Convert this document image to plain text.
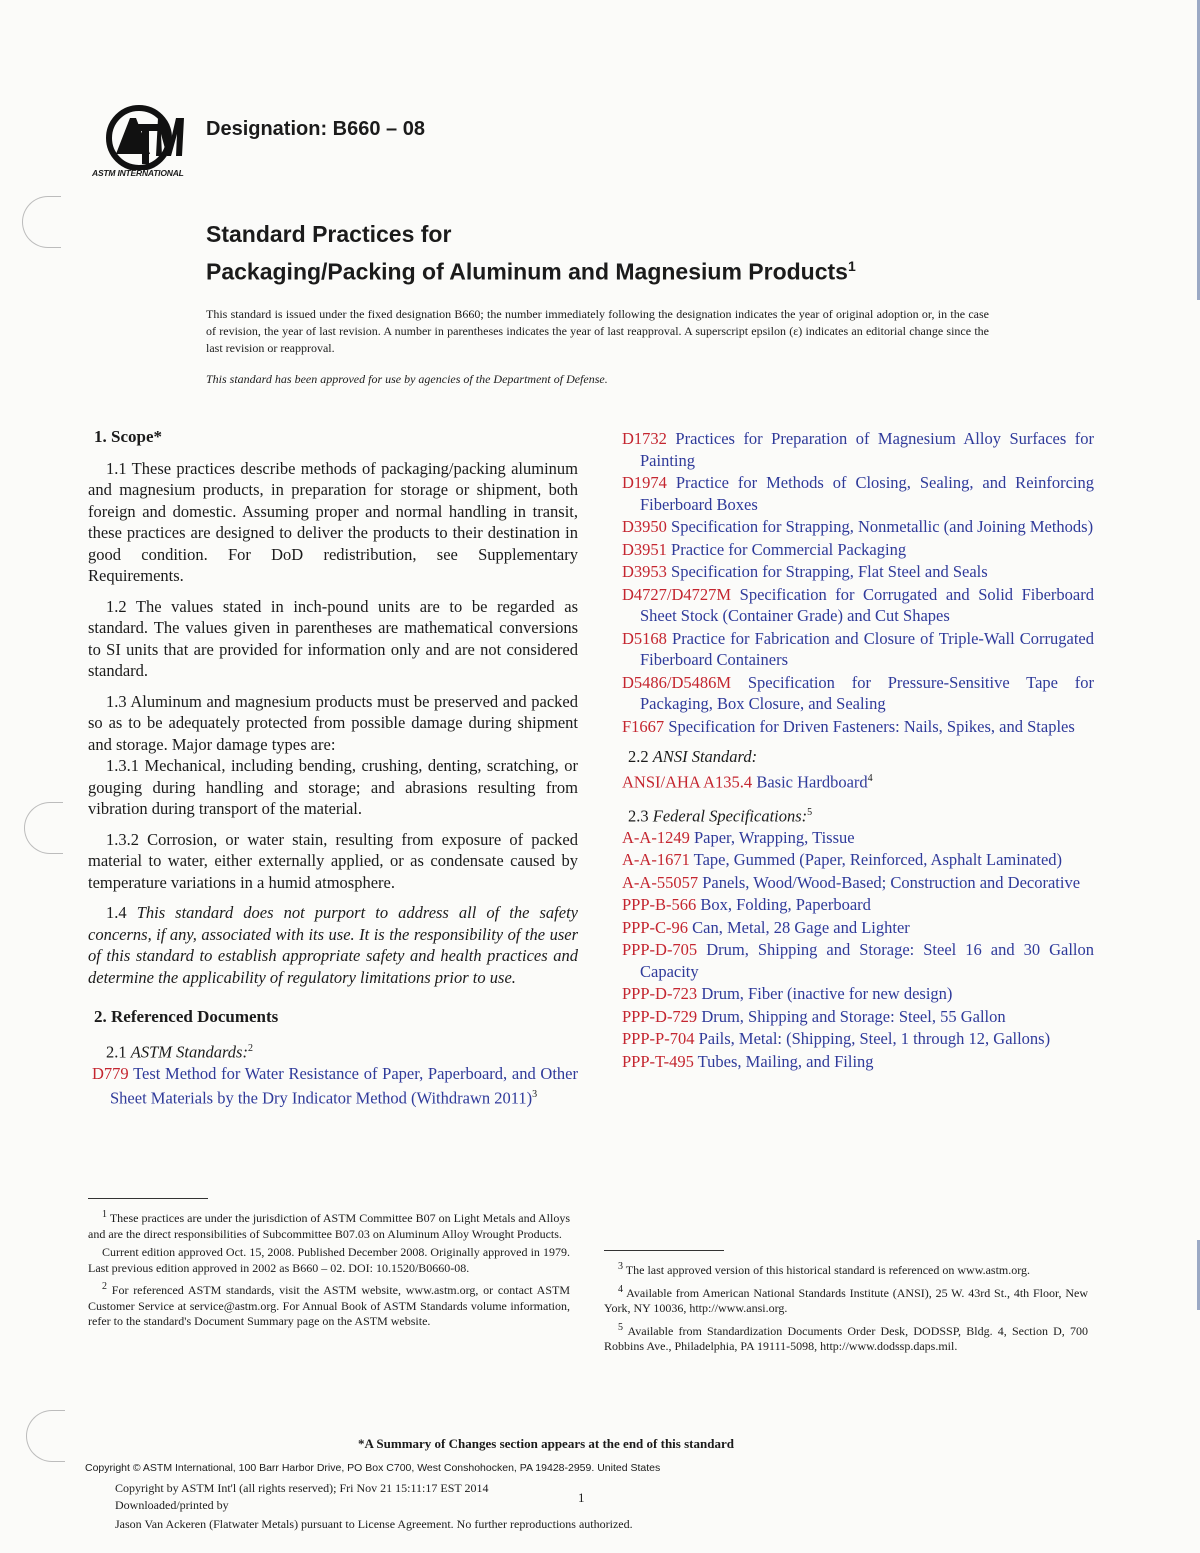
ASTM INTERNATIONAL
Designation: B660 – 08
Standard Practices for
Packaging/Packing of Aluminum and Magnesium Products$^1$
This standard is issued under the fixed designation B660; the number immediately following the designation indicates the year of original adoption or, in the case of revision, the year of last revision. A number in parentheses indicates the year of last reapproval. A superscript epsilon (ε) indicates an editorial change since the last revision or reapproval.
This standard has been approved for use by agencies of the Department of Defense.
1. Scope*

1.1 These practices describe methods of packaging/packing aluminum and magnesium products, in preparation for storage or shipment, both foreign and domestic. Assuming proper and normal handling in transit, these practices are designed to deliver the products to their destination in good condition. For DoD redistribution, see Supplementary Requirements.

1.2 The values stated in inch-pound units are to be regarded as standard. The values given in parentheses are mathematical conversions to SI units that are provided for information only and are not considered standard.

1.3 Aluminum and magnesium products must be preserved and packed so as to be adequately protected from possible damage during shipment and storage. Major damage types are:

1.3.1 Mechanical, including bending, crushing, denting, scratching, or gouging during handling and storage; and abrasions resulting from vibration during transport of the material.

1.3.2 Corrosion, or water stain, resulting from exposure of packed material to water, either externally applied, or as condensate caused by temperature variations in a humid atmosphere.

1.4 This standard does not purport to address all of the safety concerns, if any, associated with its use. It is the responsibility of the user of this standard to establish appropriate safety and health practices and determine the applicability of regulatory limitations prior to use.

2. Referenced Documents

2.1 ASTM Standards:$^2$

D779 Test Method for Water Resistance of Paper, Paperboard, and Other Sheet Materials by the Dry Indicator Method (Withdrawn 2011)$^3$

D1732 Practices for Preparation of Magnesium Alloy Surfaces for Painting

D1974 Practice for Methods of Closing, Sealing, and Reinforcing Fiberboard Boxes

D3950 Specification for Strapping, Nonmetallic (and Joining Methods)

D3951 Practice for Commercial Packaging

D3953 Specification for Strapping, Flat Steel and Seals

D4727/D4727M Specification for Corrugated and Solid Fiberboard Sheet Stock (Container Grade) and Cut Shapes

D5168 Practice for Fabrication and Closure of Triple-Wall Corrugated Fiberboard Containers

D5486/D5486M Specification for Pressure-Sensitive Tape for Packaging, Box Closure, and Sealing

F1667 Specification for Driven Fasteners: Nails, Spikes, and Staples

2.2 ANSI Standard:

ANSI/AHA A135.4 Basic Hardboard$^4$

2.3 Federal Specifications:$^5$

A-A-1249 Paper, Wrapping, Tissue

A-A-1671 Tape, Gummed (Paper, Reinforced, Asphalt Laminated)

A-A-55057 Panels, Wood/Wood-Based; Construction and Decorative

PPP-B-566 Box, Folding, Paperboard

PPP-C-96 Can, Metal, 28 Gage and Lighter

PPP-D-705 Drum, Shipping and Storage: Steel 16 and 30 Gallon Capacity

PPP-D-723 Drum, Fiber (inactive for new design)

PPP-D-729 Drum, Shipping and Storage: Steel, 55 Gallon

PPP-P-704 Pails, Metal: (Shipping, Steel, 1 through 12, Gallons)

PPP-T-495 Tubes, Mailing, and Filing

$^1$ These practices are under the jurisdiction of ASTM Committee B07 on Light Metals and Alloys and are the direct responsibilities of Subcommittee B07.03 on Aluminum Alloy Wrought Products.

Current edition approved Oct. 15, 2008. Published December 2008. Originally approved in 1979. Last previous edition approved in 2002 as B660 – 02. DOI: 10.1520/B0660-08.

$^2$ For referenced ASTM standards, visit the ASTM website, www.astm.org, or contact ASTM Customer Service at service@astm.org. For Annual Book of ASTM Standards volume information, refer to the standard's Document Summary page on the ASTM website.

$^3$ The last approved version of this historical standard is referenced on www.astm.org.

$^4$ Available from American National Standards Institute (ANSI), 25 W. 43rd St., 4th Floor, New York, NY 10036, http://www.ansi.org.

$^5$ Available from Standardization Documents Order Desk, DODSSP, Bldg. 4, Section D, 700 Robbins Ave., Philadelphia, PA 19111-5098, http://www.dodssp.daps.mil.

*A Summary of Changes section appears at the end of this standard
Copyright © ASTM International, 100 Barr Harbor Drive, PO Box C700, West Conshohocken, PA 19428-2959. United States
Copyright by ASTM Int'l (all rights reserved); Fri Nov 21 15:11:17 EST 2014
Downloaded/printed by
Jason Van Ackeren (Flatwater Metals) pursuant to License Agreement. No further reproductions authorized.
1
